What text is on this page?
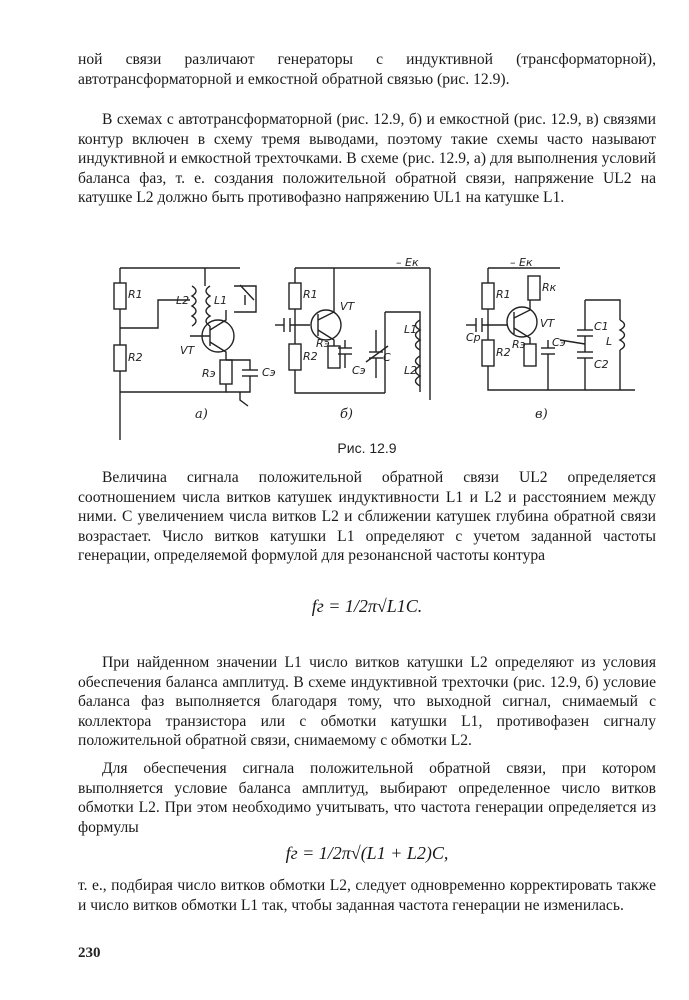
ной связи различают генераторы с индуктивной (трансформаторной), автотрансформаторной и емкостной обратной связью (рис. 12.9).
В схемах с автотрансформаторной (рис. 12.9, б) и емкостной (рис. 12.9, в) связями контур включен в схему тремя выводами, поэтому такие схемы часто называют индуктивной и емкостной трехточками. В схеме (рис. 12.9, а) для выполнения условий баланса фаз, т. е. создания положительной обратной связи, напряжение UL2 на катушке L2 должно быть противофазно напряжению UL1 на катушке L1.
R1
R2
L2 L1
VT
Rэ	Cэ
а)
– Eк
R1
VT
R2
Rэ
Cэ
C
L1
L2
б)
– Eк
R1
Rк
VT
Cр
Rэ
R2
Cэ
C1
C2
L
в)
Рис. 12.9
Величина сигнала положительной обратной связи UL2 определяется соотношением числа витков катушек индуктивности L1 и L2 и расстоянием между ними. С увеличением числа витков L2 и сближении катушек глубина обратной связи возрастает. Число витков катушки L1 определяют с учетом заданной частоты генерации, определяемой формулой для резонансной частоты контура
fг = 1/2π√L1C.
При найденном значении L1 число витков катушки L2 определяют из условия обеспечения баланса амплитуд. В схеме индуктивной трехточки (рис. 12.9, б) условие баланса фаз выполняется благодаря тому, что выходной сигнал, снимаемый с коллектора транзистора или с обмотки катушки L1, противофазен сигналу положительной обратной связи, снимаемому с обмотки L2.
Для обеспечения сигнала положительной обратной связи, при котором выполняется условие баланса амплитуд, выбирают определенное число витков обмотки L2. При этом необходимо учитывать, что частота генерации определяется из формулы
fг = 1/2π√(L1 + L2)C,
т. е., подбирая число витков обмотки L2, следует одновременно корректировать также и число витков обмотки L1 так, чтобы заданная частота генерации не изменилась.
230
